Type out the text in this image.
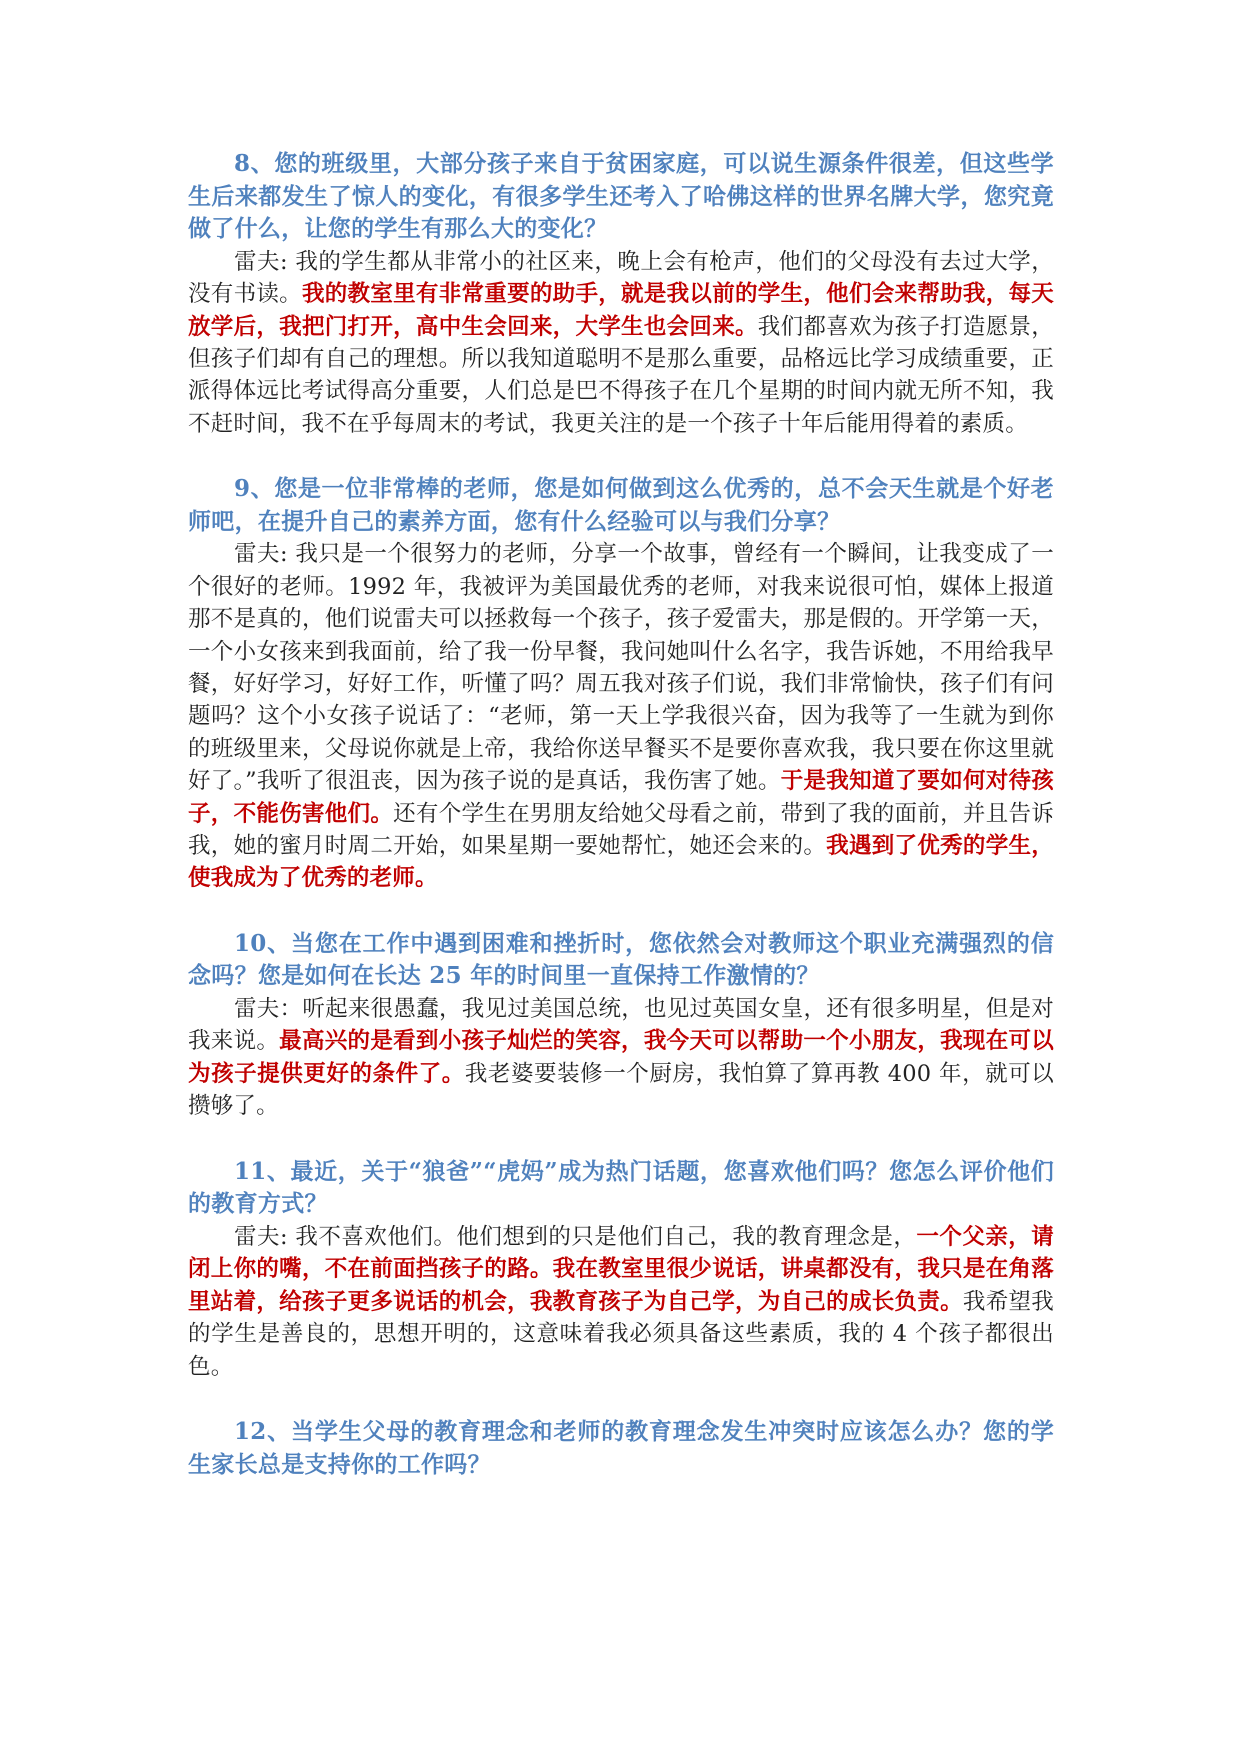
8、您的班级里，大部分孩子来自于贫困家庭，可以说生源条件很差，但这些学生后来都发生了惊人的变化，有很多学生还考入了哈佛这样的世界名牌大学，您究竟做了什么，让您的学生有那么大的变化？

雷夫: 我的学生都从非常小的社区来，晚上会有枪声，他们的父母没有去过大学，没有书读。我的教室里有非常重要的助手，就是我以前的学生，他们会来帮助我，每天放学后，我把门打开，高中生会回来，大学生也会回来。我们都喜欢为孩子打造愿景，但孩子们却有自己的理想。所以我知道聪明不是那么重要，品格远比学习成绩重要，正派得体远比考试得高分重要，人们总是巴不得孩子在几个星期的时间内就无所不知，我不赶时间，我不在乎每周末的考试，我更关注的是一个孩子十年后能用得着的素质。

9、您是一位非常棒的老师，您是如何做到这么优秀的，总不会天生就是个好老师吧，在提升自己的素养方面，您有什么经验可以与我们分享？

雷夫: 我只是一个很努力的老师，分享一个故事，曾经有一个瞬间，让我变成了一个很好的老师。1992 年，我被评为美国最优秀的老师，对我来说很可怕，媒体上报道那不是真的，他们说雷夫可以拯救每一个孩子，孩子爱雷夫，那是假的。开学第一天，一个小女孩来到我面前，给了我一份早餐，我问她叫什么名字，我告诉她，不用给我早餐，好好学习，好好工作，听懂了吗？周五我对孩子们说，我们非常愉快，孩子们有问题吗？这个小女孩子说话了：“老师，第一天上学我很兴奋，因为我等了一生就为到你的班级里来，父母说你就是上帝，我给你送早餐买不是要你喜欢我，我只要在你这里就好了。”我听了很沮丧，因为孩子说的是真话，我伤害了她。于是我知道了要如何对待孩子，不能伤害他们。还有个学生在男朋友给她父母看之前，带到了我的面前，并且告诉我，她的蜜月时周二开始，如果星期一要她帮忙，她还会来的。我遇到了优秀的学生，使我成为了优秀的老师。

10、当您在工作中遇到困难和挫折时，您依然会对教师这个职业充满强烈的信念吗？您是如何在长达 25 年的时间里一直保持工作激情的？

雷夫：听起来很愚蠢，我见过美国总统，也见过英国女皇，还有很多明星，但是对我来说。最高兴的是看到小孩子灿烂的笑容，我今天可以帮助一个小朋友，我现在可以为孩子提供更好的条件了。我老婆要装修一个厨房，我怕算了算再教 400 年，就可以攒够了。

11、最近，关于“狼爸”“虎妈”成为热门话题，您喜欢他们吗？您怎么评价他们的教育方式？

雷夫: 我不喜欢他们。他们想到的只是他们自己，我的教育理念是，一个父亲，请闭上你的嘴，不在前面挡孩子的路。我在教室里很少说话，讲桌都没有，我只是在角落里站着，给孩子更多说话的机会，我教育孩子为自己学，为自己的成长负责。我希望我的学生是善良的，思想开明的，这意味着我必须具备这些素质，我的 4 个孩子都很出色。

12、当学生父母的教育理念和老师的教育理念发生冲突时应该怎么办？您的学生家长总是支持你的工作吗？
